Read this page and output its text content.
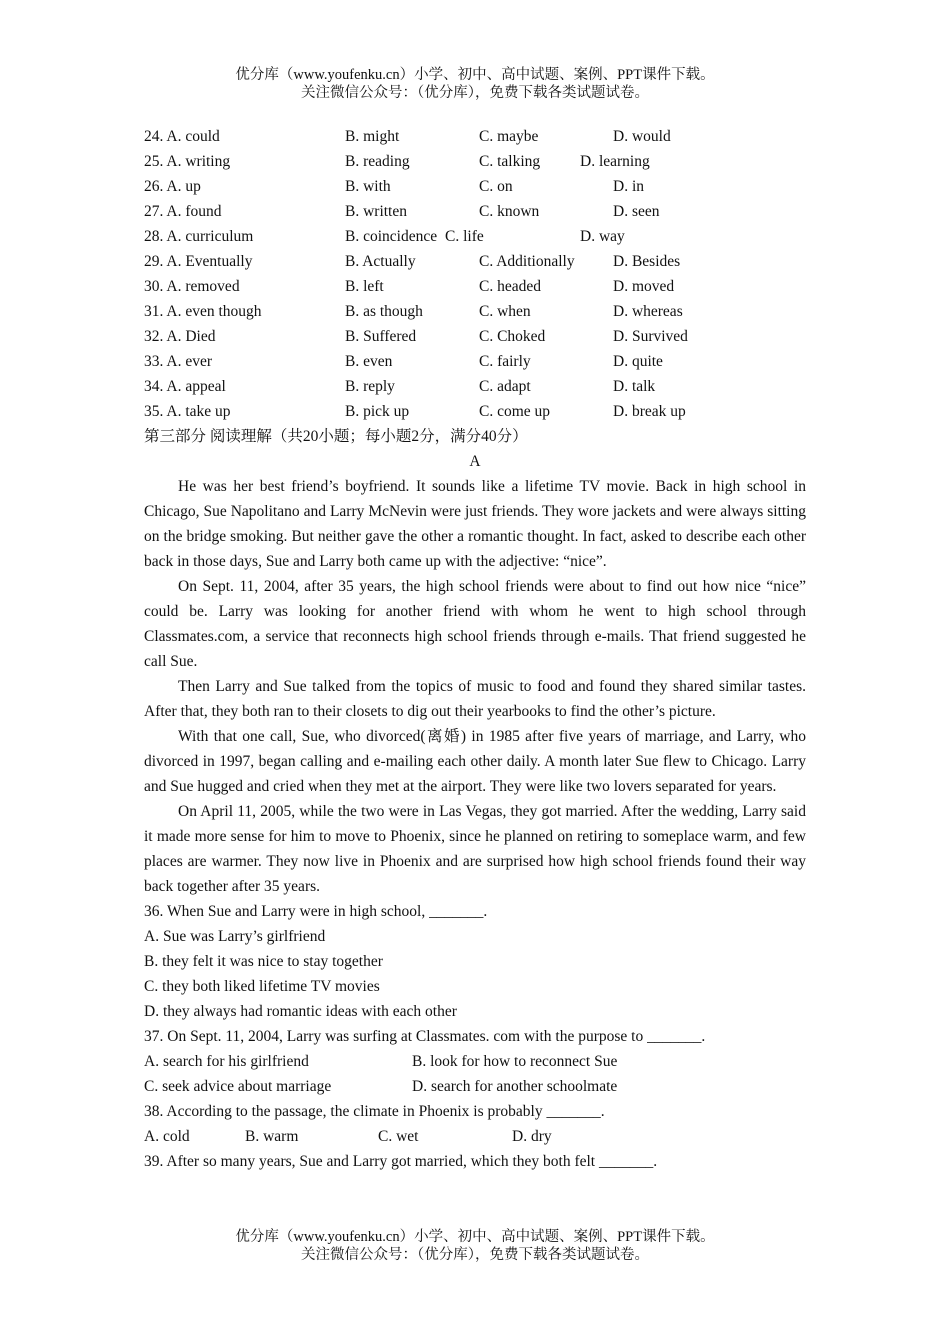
优分库（www.youfenku.cn）小学、初中、高中试题、案例、PPT课件下载。
关注微信公众号：（优分库），免费下载各类试题试卷。
24. A. could	B. might	C. maybe	D. would
25. A. writing	B. reading	C. talking	D. learning
26. A. up	B. with	C. on	D. in
27. A. found	B. written	C. known	D. seen
28. A. curriculum	B. coincidence C. life	D. way
29. A. Eventually	B. Actually	C. Additionally D. Besides
30. A. removed	B. left	C. headed	D. moved
31. A. even though	B. as though	C. when	D. whereas
32. A. Died	B. Suffered	C. Choked	D. Survived
33. A. ever	B. even	C. fairly	D. quite
34. A. appeal	B. reply	C. adapt	D. talk
35. A. take up	B. pick up	C. come up	D. break up
第三部分 阅读理解（共20小题；每小题2分，满分40分）
A

He was her best friend’s boyfriend. It sounds like a lifetime TV movie. Back in high school in Chicago, Sue Napolitano and Larry McNevin were just friends. They wore jackets and were always sitting on the bridge smoking. But neither gave the other a romantic thought. In fact, asked to describe each other back in those days, Sue and Larry both came up with the adjective: “nice”.

On Sept. 11, 2004, after 35 years, the high school friends were about to find out how nice “nice” could be. Larry was looking for another friend with whom he went to high school through Classmates.com, a service that reconnects high school friends through e-mails. That friend suggested he call Sue.

Then Larry and Sue talked from the topics of music to food and found they shared similar tastes. After that, they both ran to their closets to dig out their yearbooks to find the other’s picture.

With that one call, Sue, who divorced(离婚) in 1985 after five years of marriage, and Larry, who divorced in 1997, began calling and e-mailing each other daily. A month later Sue flew to Chicago. Larry and Sue hugged and cried when they met at the airport. They were like two lovers separated for years.

On April 11, 2005, while the two were in Las Vegas, they got married. After the wedding, Larry said it made more sense for him to move to Phoenix, since he planned on retiring to someplace warm, and few places are warmer. They now live in Phoenix and are surprised how high school friends found their way back together after 35 years.

36. When Sue and Larry were in high school, _______.
A. Sue was Larry’s girlfriend
B. they felt it was nice to stay together
C. they both liked lifetime TV movies
D. they always had romantic ideas with each other
37. On Sept. 11, 2004, Larry was surfing at Classmates. com with the purpose to _______.
A. search for his girlfriend	B. look for how to reconnect Sue
C. seek advice about marriage	D. search for another schoolmate
38. According to the passage, the climate in Phoenix is probably _______.
A. cold	B. warm	C. wet	D. dry
39. After so many years, Sue and Larry got married, which they both felt _______.
优分库（www.youfenku.cn）小学、初中、高中试题、案例、PPT课件下载。
关注微信公众号：（优分库），免费下载各类试题试卷。
